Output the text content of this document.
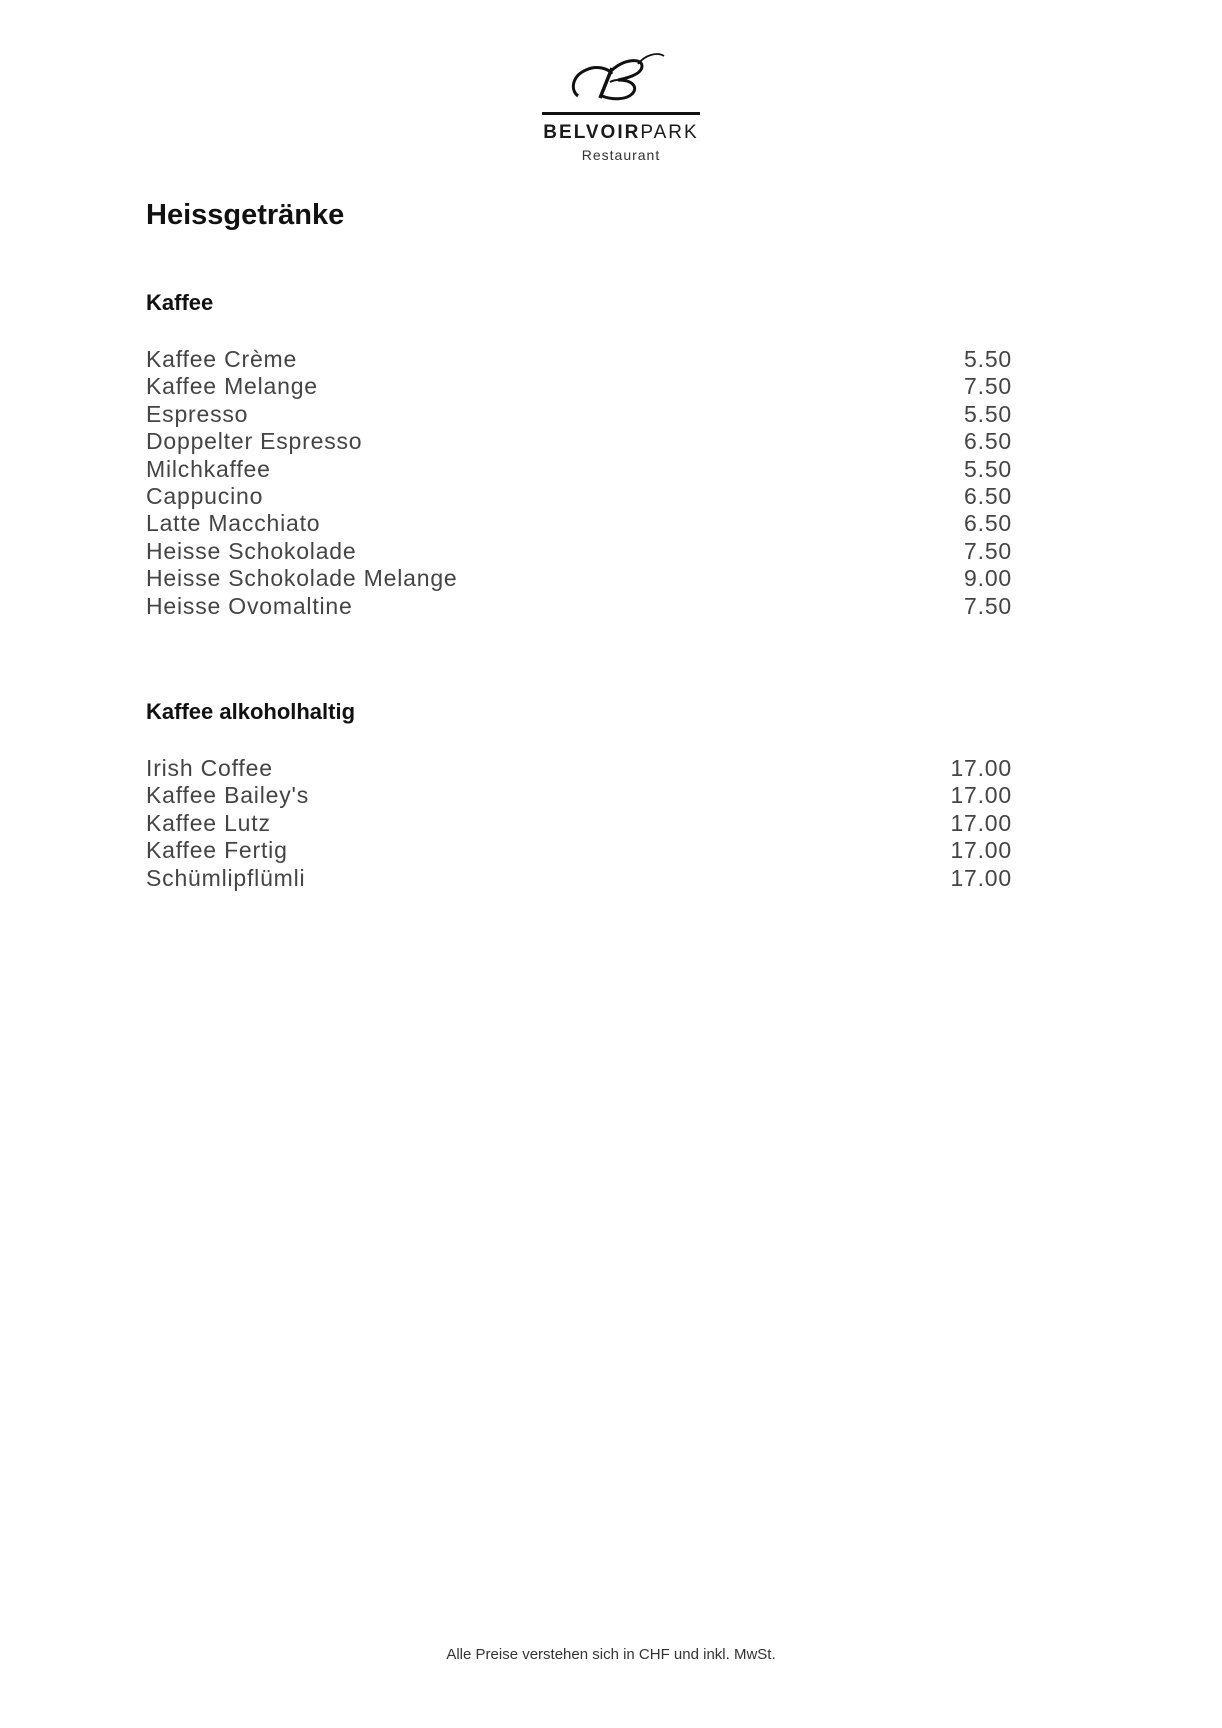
BELVOIRPARK
Restaurant
Heissgetränke
Kaffee
Kaffee Crème	5.50
Kaffee Melange	7.50
Espresso	5.50
Doppelter Espresso	6.50
Milchkaffee	5.50
Cappucino	6.50
Latte Macchiato	6.50
Heisse Schokolade	7.50
Heisse Schokolade Melange	9.00
Heisse Ovomaltine	7.50
Kaffee alkoholhaltig
Irish Coffee	17.00
Kaffee Bailey's	17.00
Kaffee Lutz	17.00
Kaffee Fertig	17.00
Schümlipflümli	17.00
Alle Preise verstehen sich in CHF und inkl. MwSt.
